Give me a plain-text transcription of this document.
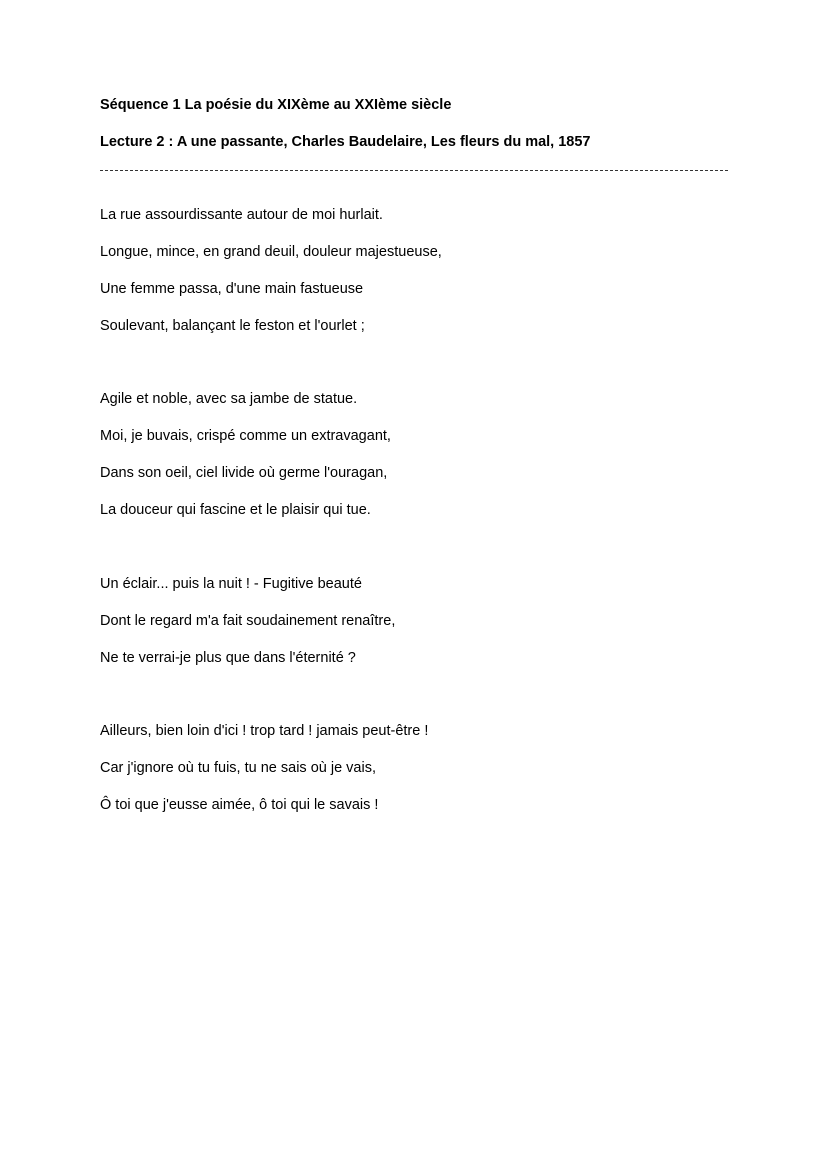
Séquence 1 La poésie du XIXème au XXIème siècle
Lecture 2 : A une passante, Charles Baudelaire, Les fleurs du mal, 1857
La rue assourdissante autour de moi hurlait.
Longue, mince, en grand deuil, douleur majestueuse,
Une femme passa, d'une main fastueuse
Soulevant, balançant le feston et l'ourlet ;
Agile et noble, avec sa jambe de statue.
Moi, je buvais, crispé comme un extravagant,
Dans son oeil, ciel livide où germe l'ouragan,
La douceur qui fascine et le plaisir qui tue.
Un éclair... puis la nuit ! - Fugitive beauté
Dont le regard m'a fait soudainement renaître,
Ne te verrai-je plus que dans l'éternité ?
Ailleurs, bien loin d'ici ! trop tard ! jamais peut-être !
Car j'ignore où tu fuis, tu ne sais où je vais,
Ô toi que j'eusse aimée, ô toi qui le savais !
